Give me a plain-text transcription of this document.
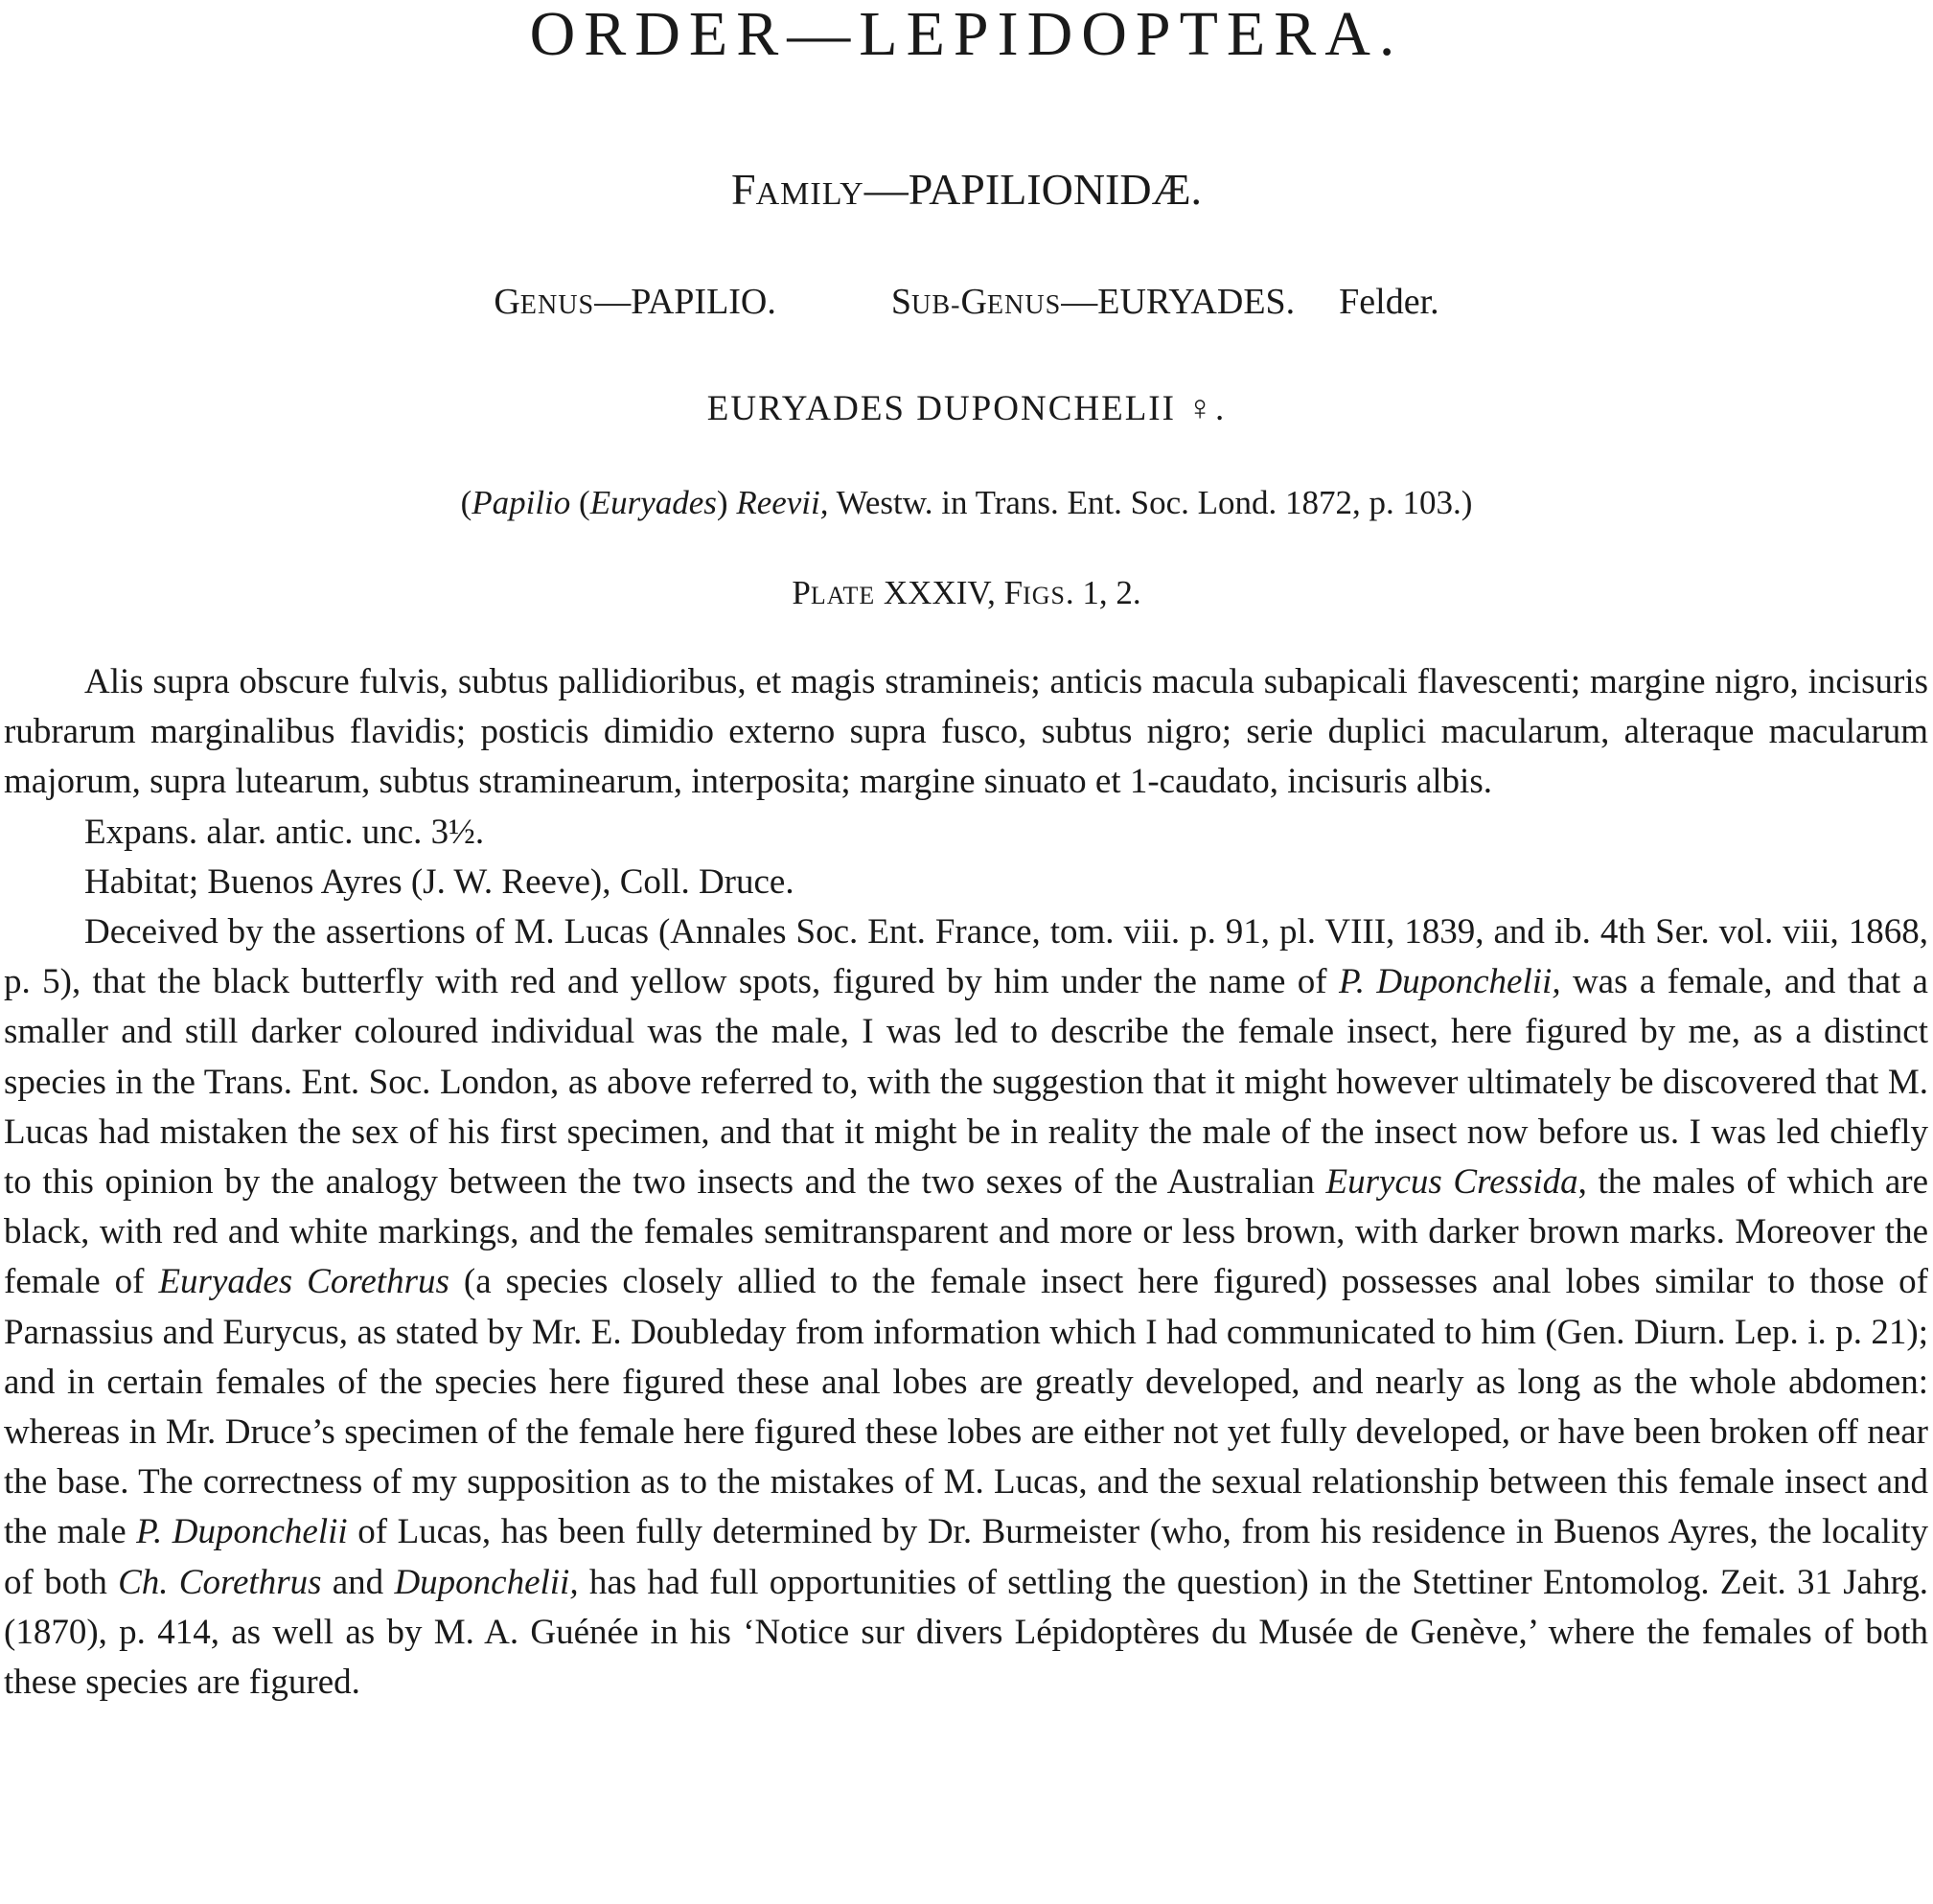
ORDER—LEPIDOPTERA.
FAMILY—PAPILIONIDÆ.
GENUS—PAPILIO.	SUB-GENUS—EURYADES. Felder.
EURYADES DUPONCHELII ♀.
(Papilio (Euryades) Reevii, Westw. in Trans. Ent. Soc. Lond. 1872, p. 103.)
PLATE XXXIV, FIGS. 1, 2.

Alis supra obscure fulvis, subtus pallidioribus, et magis stramineis; anticis macula subapicali flavescenti; margine nigro, incisuris rubrarum marginalibus flavidis; posticis dimidio externo supra fusco, subtus nigro; serie duplici macularum, alteraque macularum majorum, supra lutearum, subtus straminearum, interposita; margine sinuato et 1-caudato, incisuris albis.

Expans. alar. antic. unc. 3½.

Habitat; Buenos Ayres (J. W. Reeve), Coll. Druce.

Deceived by the assertions of M. Lucas (Annales Soc. Ent. France, tom. viii. p. 91, pl. VIII, 1839, and ib. 4th Ser. vol. viii, 1868, p. 5), that the black butterfly with red and yellow spots, figured by him under the name of P. Duponchelii, was a female, and that a smaller and still darker coloured individual was the male, I was led to describe the female insect, here figured by me, as a distinct species in the Trans. Ent. Soc. London, as above referred to, with the suggestion that it might however ultimately be discovered that M. Lucas had mistaken the sex of his first specimen, and that it might be in reality the male of the insect now before us. I was led chiefly to this opinion by the analogy between the two insects and the two sexes of the Australian Eurycus Cressida, the males of which are black, with red and white markings, and the females semitransparent and more or less brown, with darker brown marks. Moreover the female of Euryades Corethrus (a species closely allied to the female insect here figured) possesses anal lobes similar to those of Parnassius and Eurycus, as stated by Mr. E. Doubleday from information which I had communicated to him (Gen. Diurn. Lep. i. p. 21); and in certain females of the species here figured these anal lobes are greatly developed, and nearly as long as the whole abdomen: whereas in Mr. Druce’s specimen of the female here figured these lobes are either not yet fully developed, or have been broken off near the base. The correctness of my supposition as to the mistakes of M. Lucas, and the sexual relationship between this female insect and the male P. Duponchelii of Lucas, has been fully determined by Dr. Burmeister (who, from his residence in Buenos Ayres, the locality of both Ch. Corethrus and Duponchelii, has had full opportunities of settling the question) in the Stettiner Entomolog. Zeit. 31 Jahrg. (1870), p. 414, as well as by M. A. Guénée in his ‘Notice sur divers Lépidoptères du Musée de Genève,’ where the females of both these species are figured.
